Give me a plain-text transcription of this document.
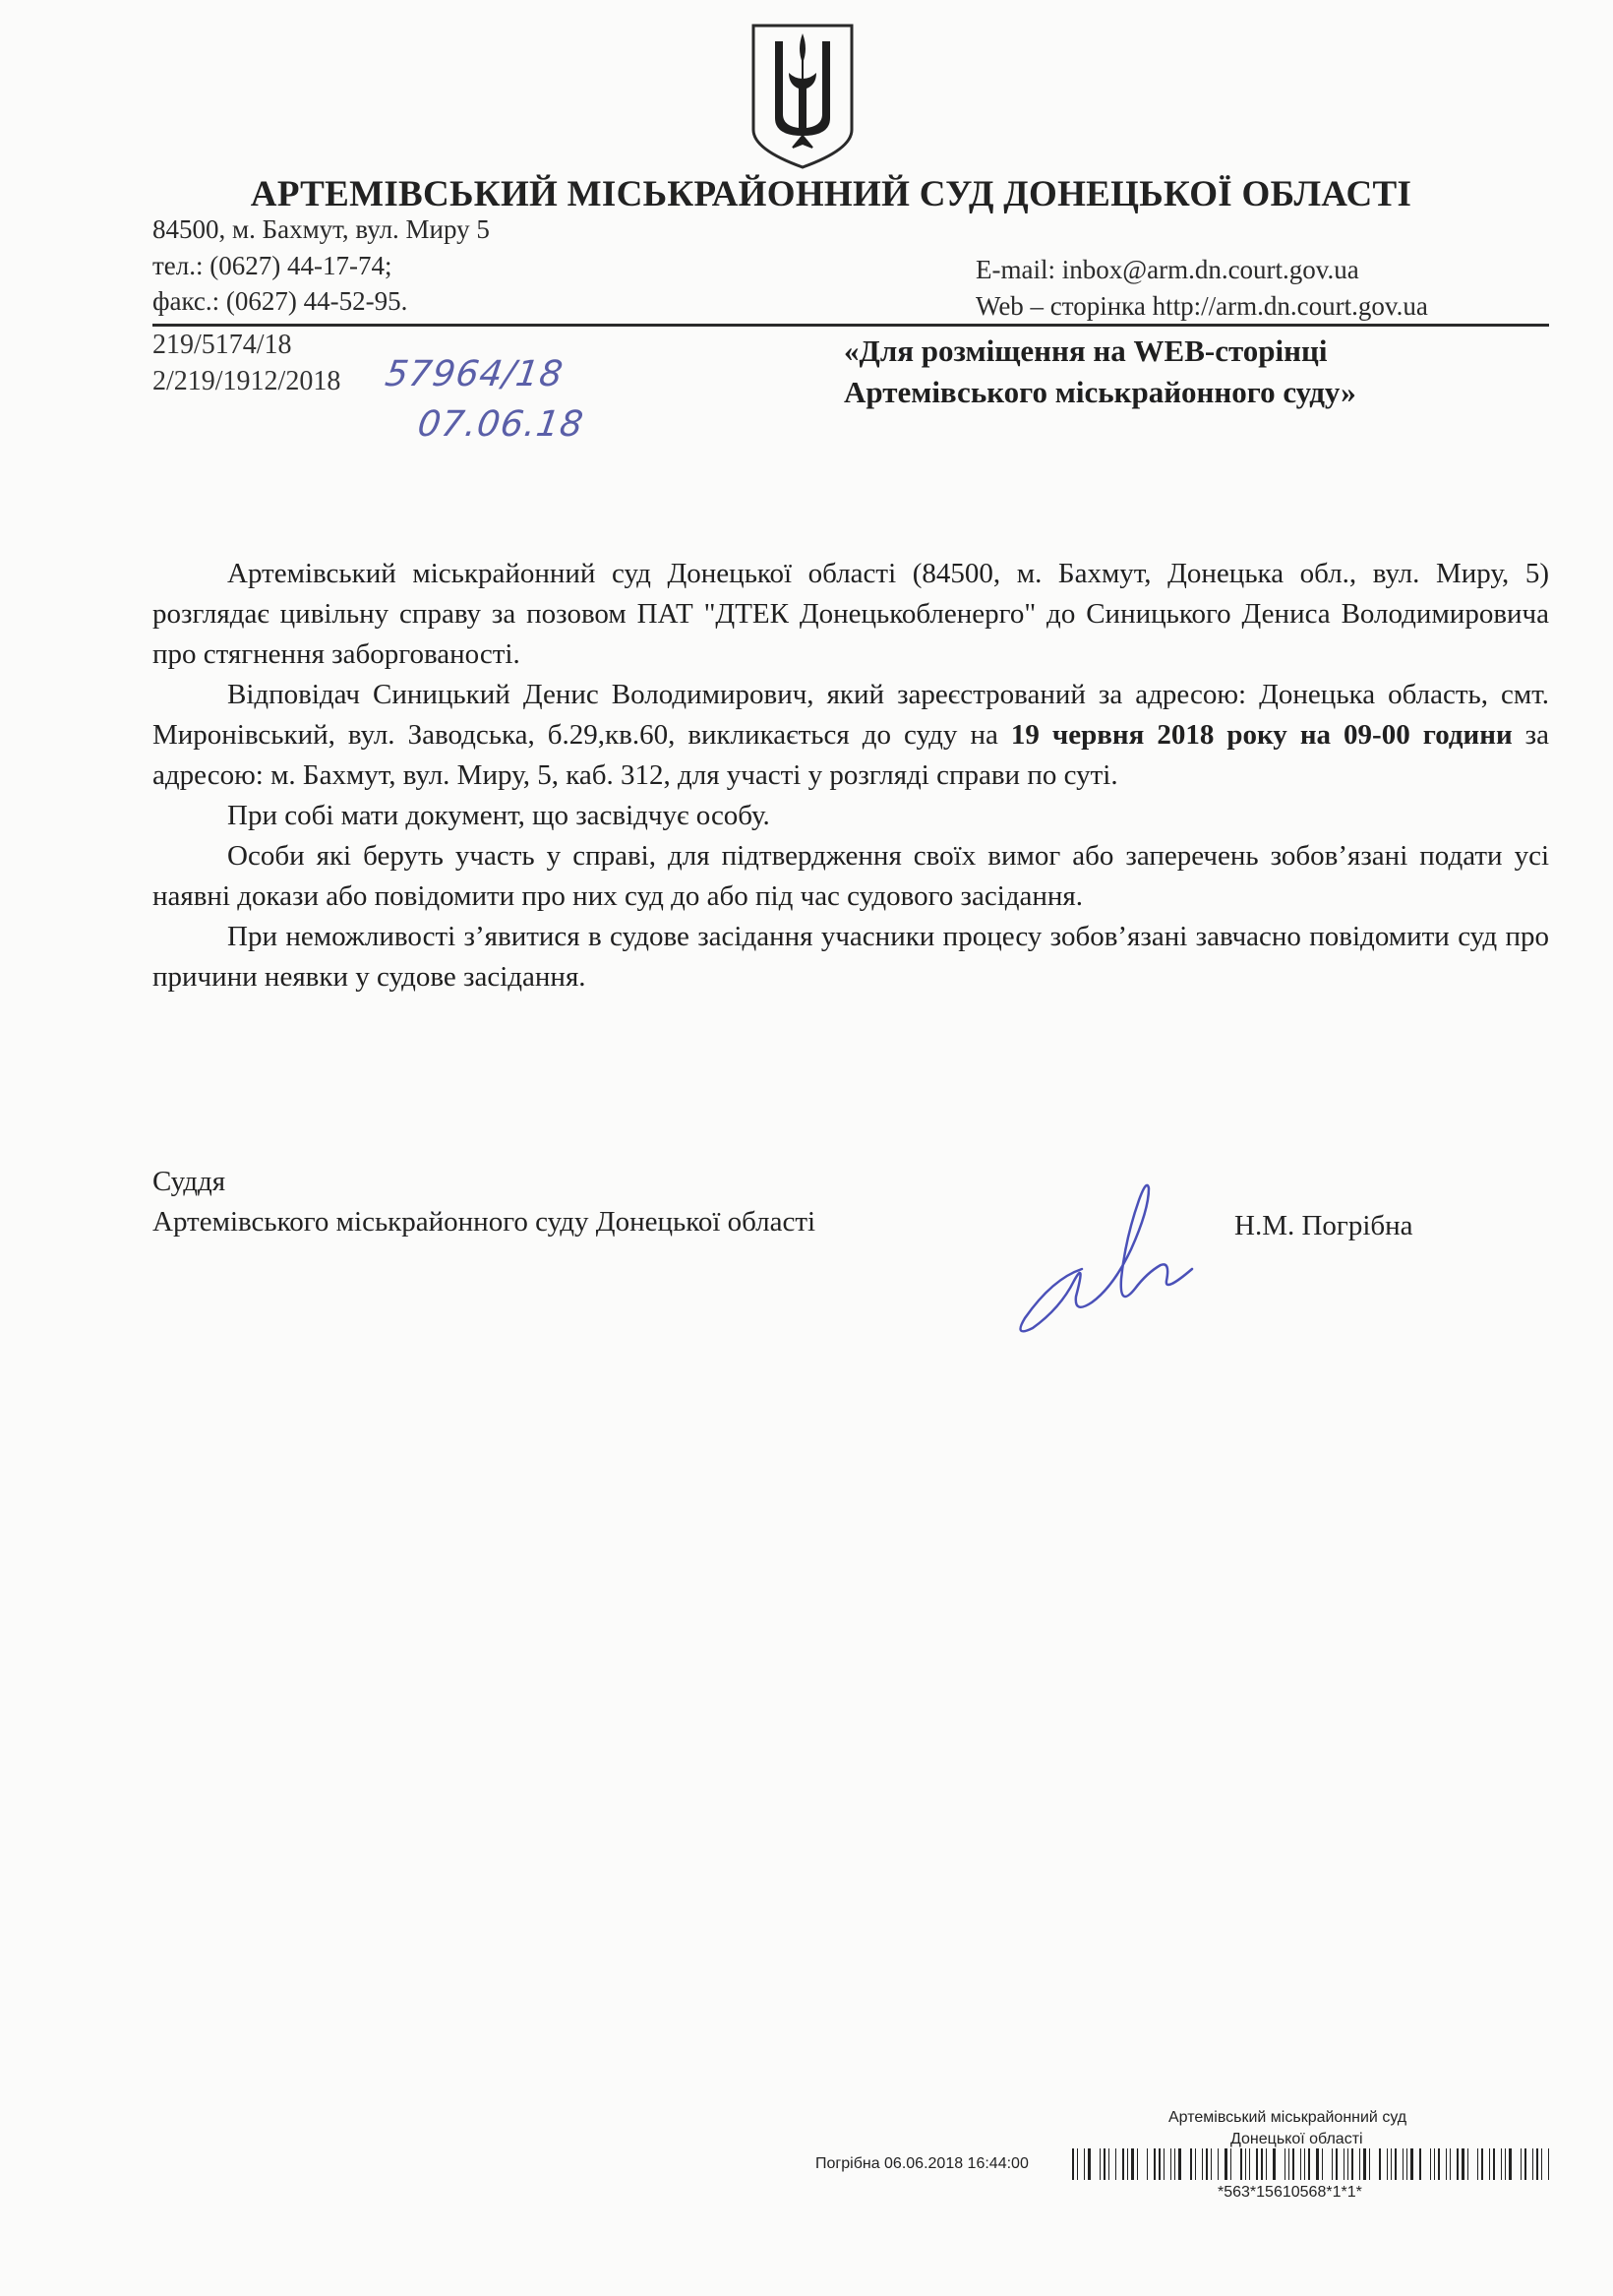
АРТЕМІВСЬКИЙ МІСЬКРАЙОННИЙ СУД ДОНЕЦЬКОЇ ОБЛАСТІ
84500, м. Бахмут, вул. Миру 5
тел.: (0627) 44-17-74;
факс.: (0627) 44-52-95.
E-mail: inbox@arm.dn.court.gov.ua
Web – сторінка http://arm.dn.court.gov.ua
219/5174/18
2/219/1912/2018 57964/18
07.06.18
«Для розміщення на WEB-сторінці
Артемівського міськрайонного суду»

Артемівський міськрайонний суд Донецької області (84500, м. Бахмут, Донецька обл., вул. Миру, 5) розглядає цивільну справу за позовом ПАТ "ДТЕК Донецькобленерго" до Синицького Дениса Володимировича про стягнення заборгованості.

Відповідач Синицький Денис Володимирович, який зареєстрований за адресою: Донецька область, смт. Миронівський, вул. Заводська, б.29,кв.60, викликається до суду на 19 червня 2018 року на 09-00 години за адресою: м. Бахмут, вул. Миру, 5, каб. 312, для участі у розгляді справи по суті.

При собі мати документ, що засвідчує особу.

Особи які беруть участь у справі, для підтвердження своїх вимог або заперечень зобов’язані подати усі наявні докази або повідомити про них суд до або під час судового засідання.

При неможливості з’явитися в судове засідання учасники процесу зобов’язані завчасно повідомити суд про причини неявки у судове засідання.

Суддя
Артемівського міськрайонного суду Донецької області	Н.М. Погрібна
Артемівський міськрайонний суд
Донецької області
Погрібна 06.06.2018 16:44:00
*563*15610568*1*1*
